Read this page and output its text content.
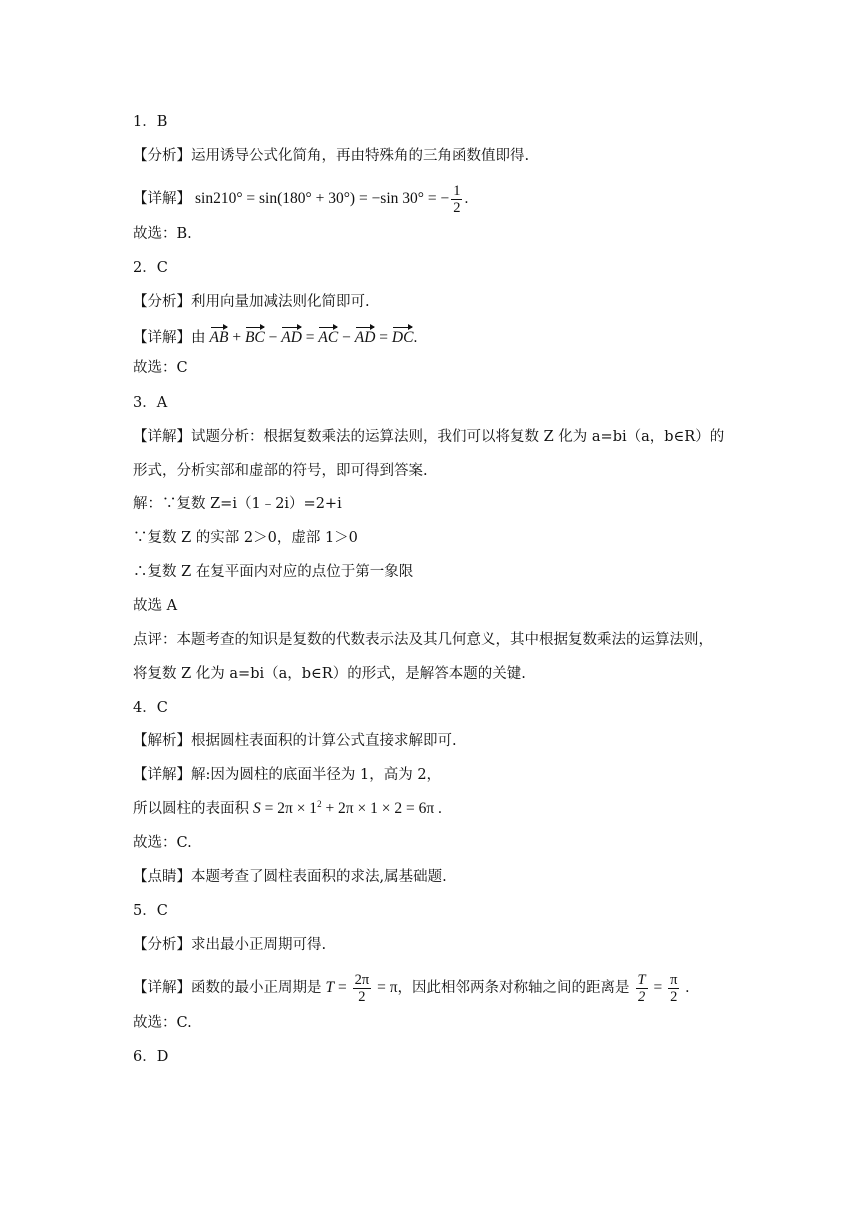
1．B
【分析】运用诱导公式化简角，再由特殊角的三角函数值即得.
【详解】 sin210° = sin(180° + 30°) = −sin 30° = − $\frac{1}{2}$ .
故选：B.
2．C
【分析】利用向量加减法则化简即可.
【详解】由 AB + BC − AD = AC − AD = DC.
故选：C
3．A
【详解】试题分析：根据复数乘法的运算法则，我们可以将复数 Z 化为 a=bi（a，b∈R）的
形式，分析实部和虚部的符号，即可得到答案.
解：∵复数 Z=i（1﹣2i）=2+i
∵复数 Z 的实部 2＞0，虚部 1＞0
∴复数 Z 在复平面内对应的点位于第一象限
故选 A
点评：本题考查的知识是复数的代数表示法及其几何意义，其中根据复数乘法的运算法则，
将复数 Z 化为 a=bi（a，b∈R）的形式，是解答本题的关键.
4．C
【解析】根据圆柱表面积的计算公式直接求解即可.
【详解】解:因为圆柱的底面半径为 1，高为 2，
所以圆柱的表面积 $S = 2\pi \times 1^2 + 2\pi \times 1 \times 2 = 6\pi$ .
故选：C.
【点睛】本题考查了圆柱表面积的求法,属基础题.
5．C
【分析】求出最小正周期可得.
【详解】函数的最小正周期是 $T = \frac{2\pi}{2} = \pi$，因此相邻两条对称轴之间的距离是 $\frac{T}{2} = \frac{\pi}{2}$ .
故选：C.
6．D
